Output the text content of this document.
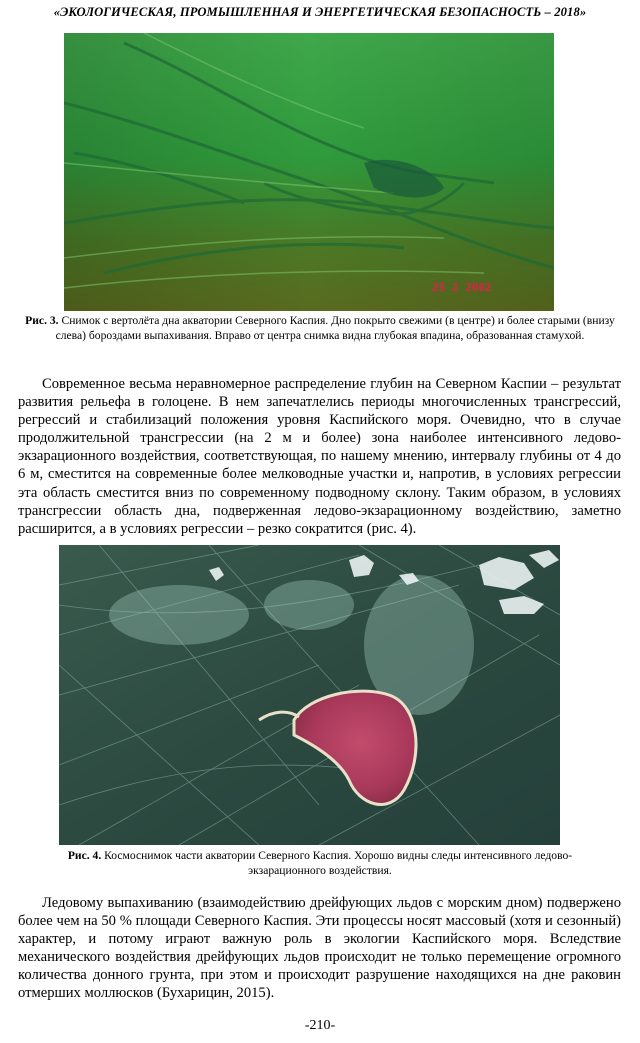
«ЭКОЛОГИЧЕСКАЯ, ПРОМЫШЛЕННАЯ И ЭНЕРГЕТИЧЕСКАЯ БЕЗОПАСНОСТЬ – 2018»
25 2 2002
Рис. 3. Снимок с вертолёта дна акватории Северного Каспия. Дно покрыто свежими (в центре) и более старыми (внизу слева) бороздами выпахивания. Вправо от центра снимка видна глубокая впадина, образованная стамухой.

Современное весьма неравномерное распределение глубин на Северном Каспии – результат развития рельефа в голоцене. В нем запечатлелись периоды многочисленных трансгрессий, регрессий и стабилизаций положения уровня Каспийского моря. Очевидно, что в случае продолжительной трансгрессии (на 2 м и более) зона наиболее интенсивного ледово-экзарационного воздействия, соответствующая, по нашему мнению, интервалу глубины от 4 до 6 м, сместится на современные более мелководные участки и, напротив, в условиях регрессии эта область сместится вниз по современному подводному склону. Таким образом, в условиях трансгрессии область дна, подверженная ледово-экзарационному воздействию, заметно расширится, а в условиях регрессии – резко сократится (рис. 4).

Рис. 4. Космоснимок части акватории Северного Каспия. Хорошо видны следы интенсивного ледово-экзарационного воздействия.

Ледовому выпахиванию (взаимодействию дрейфующих льдов с морским дном) подвержено более чем на 50 % площади Северного Каспия. Эти процессы носят массовый (хотя и сезонный) характер, и потому играют важную роль в экологии Каспийского моря. Вследствие механического воздействия дрейфующих льдов происходит не только перемещение огромного количества донного грунта, при этом и происходит разрушение находящихся на дне раковин отмерших моллюсков (Бухарицин, 2015).

-210-
